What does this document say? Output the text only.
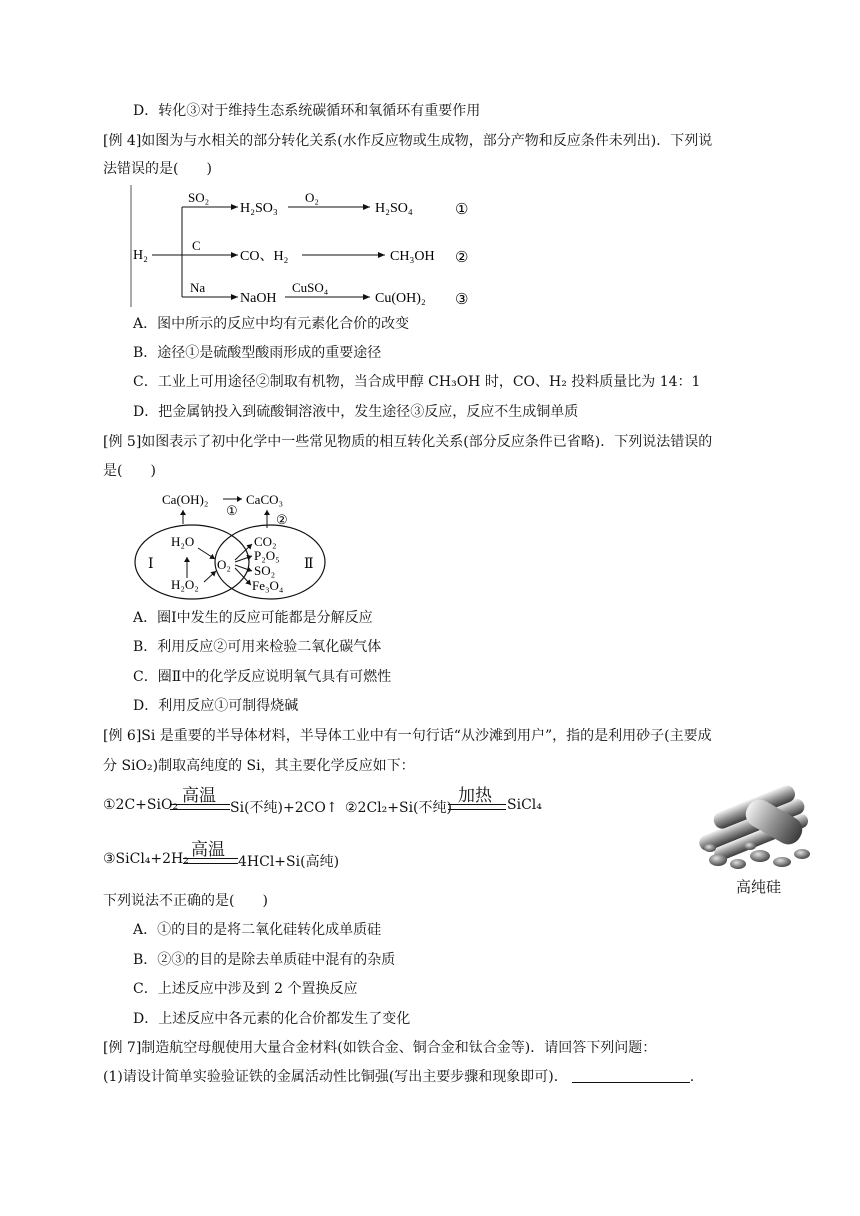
D．转化③对于维持生态系统碳循环和氧循环有重要作用
[例 4]如图为与水相关的部分转化关系(水作反应物或生成物，部分产物和反应条件未列出)．下列说
法错误的是(　　)
H₂
SO₂
H₂SO₃
O₂
H₂SO₄	①
C
CO、H₂	CH₃OH ②
Na
NaOH
CuSO₄
Cu(OH)₂ ③
A．图中所示的反应中均有元素化合价的改变
B．途径①是硫酸型酸雨形成的重要途径
C．工业上可用途径②制取有机物，当合成甲醇 CH₃OH 时，CO、H₂ 投料质量比为 14：1
D．把金属钠投入到硫酸铜溶液中，发生途径③反应，反应不生成铜单质
[例 5]如图表示了初中化学中一些常见物质的相互转化关系(部分反应条件已省略)．下列说法错误的
是(　　)
Ca(OH)₂
①
CaCO₃
②
Ⅰ	Ⅱ
H₂O
H₂O₂
O₂
CO₂
P₂O₅
SO₂
Fe₃O₄
A．圈Ⅰ中发生的反应可能都是分解反应
B．利用反应②可用来检验二氧化碳气体
C．圈Ⅱ中的化学反应说明氧气具有可燃性
D．利用反应①可制得烧碱
[例 6]Si 是重要的半导体材料，半导体工业中有一句行话“从沙滩到用户”，指的是利用砂子(主要成
分 SiO₂)制取高纯度的 Si，其主要化学反应如下：
①2C+SiO₂ 高温
Si(不纯)+2CO↑ ②2Cl₂+Si(不纯)
加热 SiCl₄
③SiCl₄+2H₂ 高温
4HCl+Si(高纯)
高纯硅
下列说法不正确的是(　　)
A．①的目的是将二氧化硅转化成单质硅
B．②③的目的是除去单质硅中混有的杂质
C．上述反应中涉及到 2 个置换反应
D．上述反应中各元素的化合价都发生了变化
[例 7]制造航空母舰使用大量合金材料(如铁合金、铜合金和钛合金等)．请回答下列问题：
(1)请设计简单实验验证铁的金属活动性比铜强(写出主要步骤和现象即可)．	.
